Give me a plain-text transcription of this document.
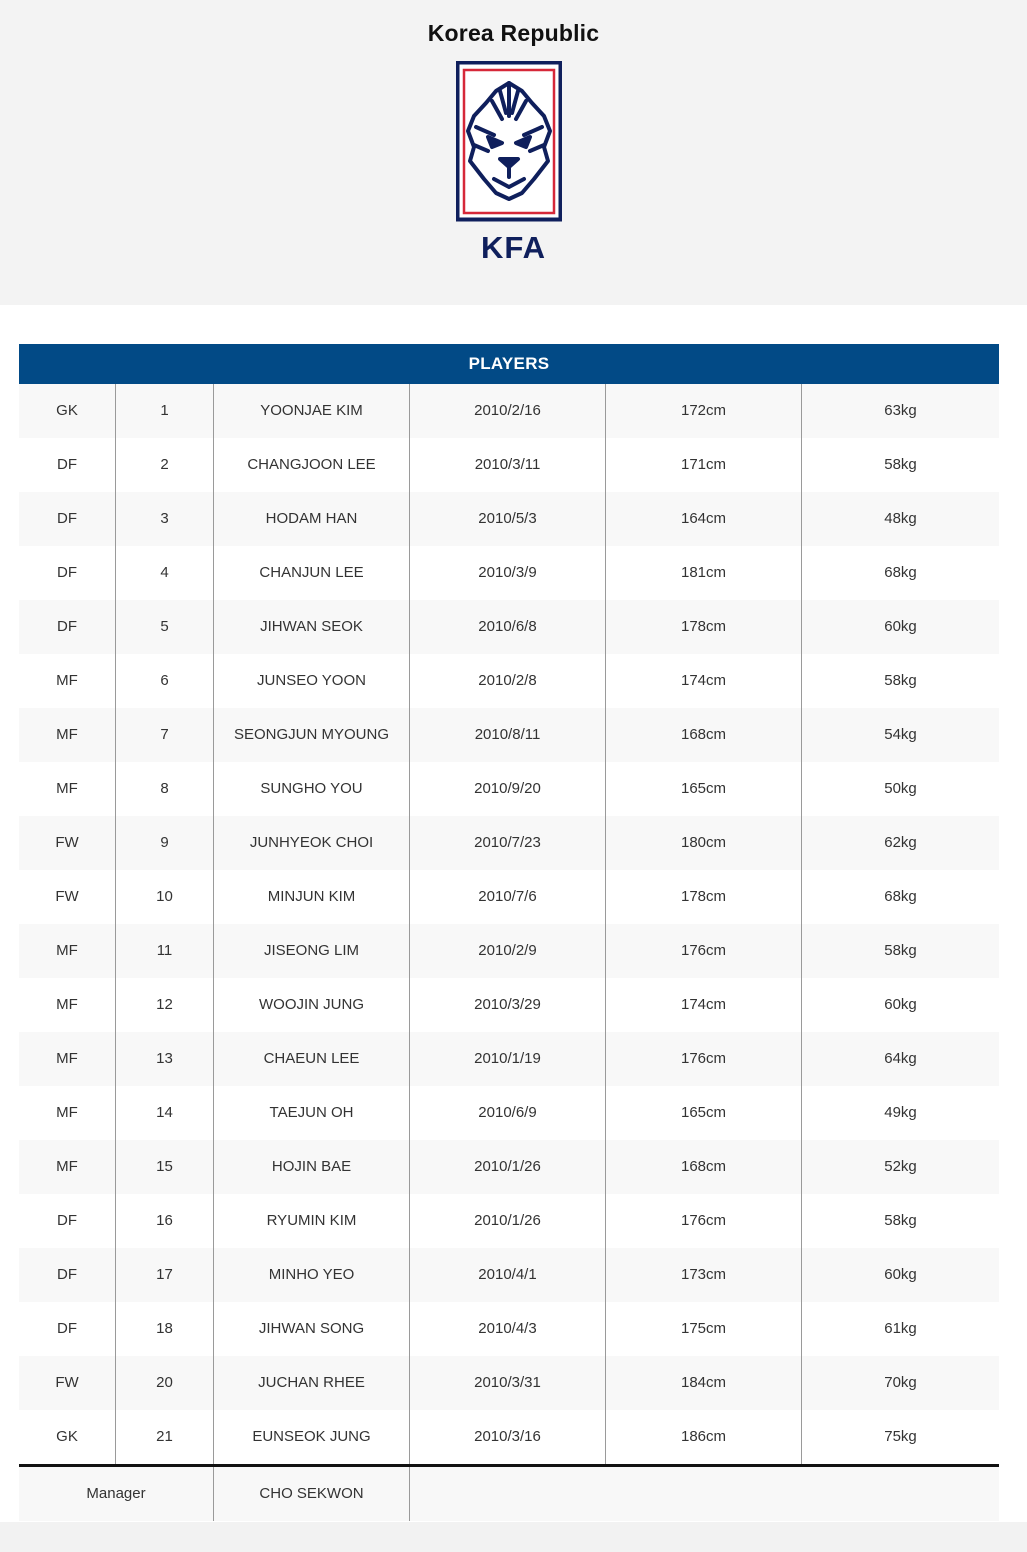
Korea Republic
KFA
PLAYERS
GK	1	YOONJAE KIM	2010/2/16	172cm	63kg
DF	2	CHANGJOON LEE	2010/3/11	171cm	58kg
DF	3	HODAM HAN	2010/5/3	164cm	48kg
DF	4	CHANJUN LEE	2010/3/9	181cm	68kg
DF	5	JIHWAN SEOK	2010/6/8	178cm	60kg
MF	6	JUNSEO YOON	2010/2/8	174cm	58kg
MF	7	SEONGJUN MYOUNG	2010/8/11	168cm	54kg
MF	8	SUNGHO YOU	2010/9/20	165cm	50kg
FW	9	JUNHYEOK CHOI	2010/7/23	180cm	62kg
FW	10	MINJUN KIM	2010/7/6	178cm	68kg
MF	11	JISEONG LIM	2010/2/9	176cm	58kg
MF	12	WOOJIN JUNG	2010/3/29	174cm	60kg
MF	13	CHAEUN LEE	2010/1/19	176cm	64kg
MF	14	TAEJUN OH	2010/6/9	165cm	49kg
MF	15	HOJIN BAE	2010/1/26	168cm	52kg
DF	16	RYUMIN KIM	2010/1/26	176cm	58kg
DF	17	MINHO YEO	2010/4/1	173cm	60kg
DF	18	JIHWAN SONG	2010/4/3	175cm	61kg
FW	20	JUCHAN RHEE	2010/3/31	184cm	70kg
GK	21	EUNSEOK JUNG	2010/3/16	186cm	75kg
Manager	CHO SEKWON
